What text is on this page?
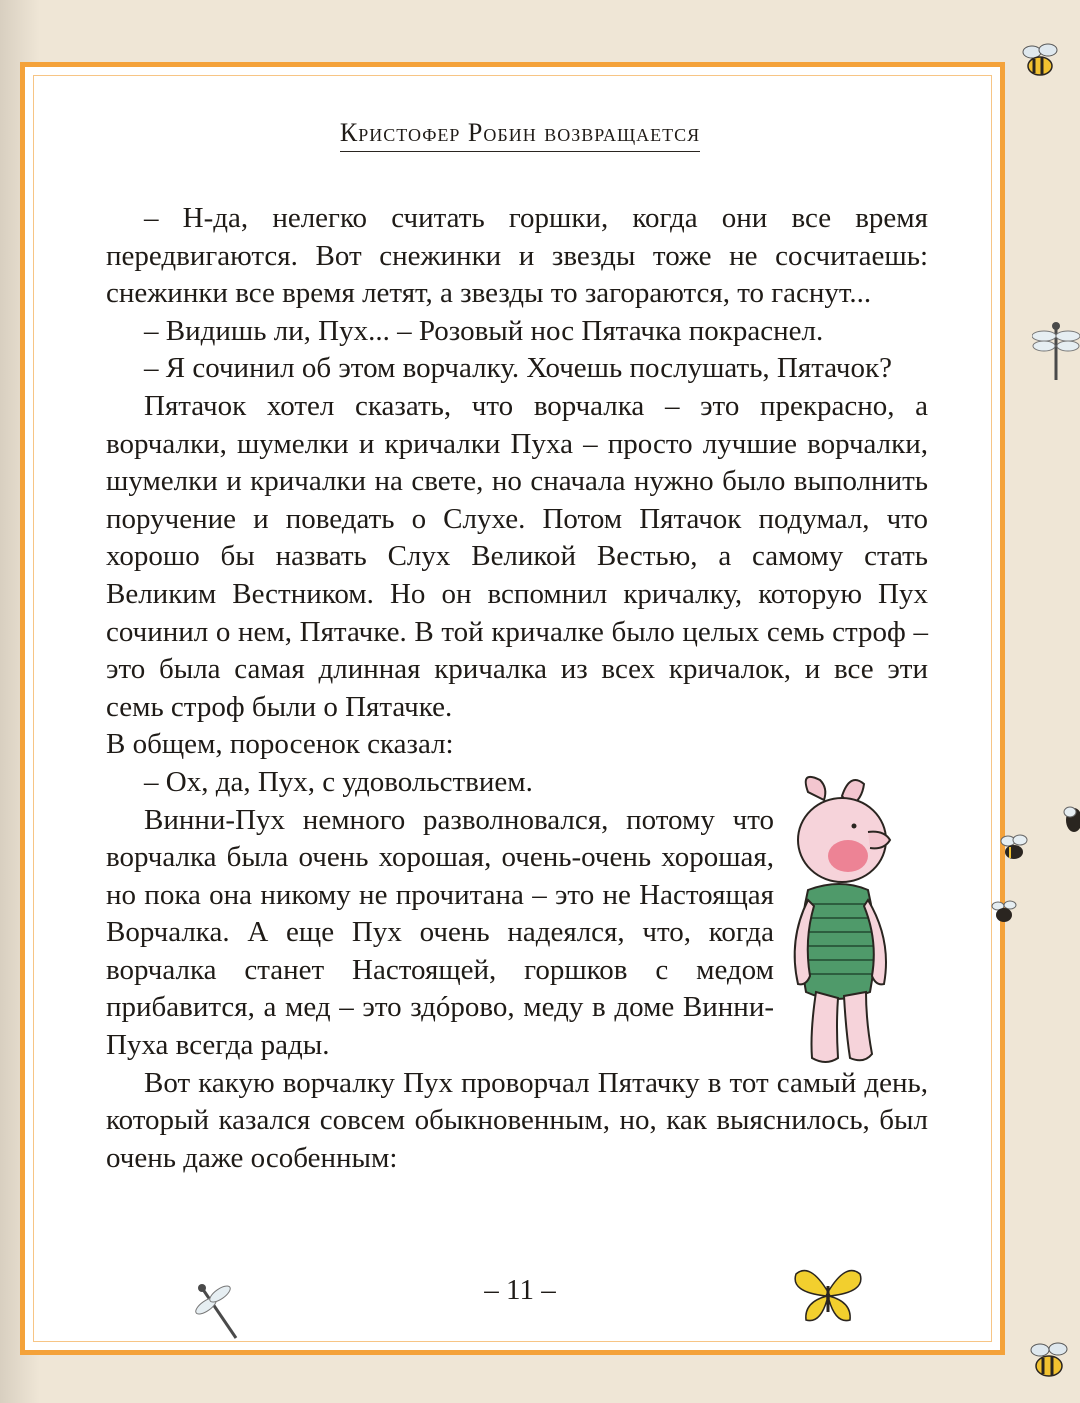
Кристофер Робин возвращается

– Н-да, нелегко считать горшки, когда они все время передвигаются. Вот снежинки и звезды тоже не сосчитаешь: снежинки все время летят, а звезды то загораются, то гаснут...

– Видишь ли, Пух... – Розовый нос Пятачка покраснел.

– Я сочинил об этом ворчалку. Хочешь послушать, Пятачок?

Пятачок хотел сказать, что ворчалка – это прекрасно, а ворчалки, шумелки и кричалки Пуха – просто лучшие ворчалки, шумелки и кричалки на свете, но сначала нужно было выполнить поручение и поведать о Слухе. Потом Пятачок подумал, что хорошо бы назвать Слух Великой Вестью, а самому стать Великим Вестником. Но он вспомнил кричалку, которую Пух сочинил о нем, Пятачке. В той кричалке было целых семь строф – это была самая длинная кричалка из всех кричалок, и все эти семь строф были о Пятачке.

В общем, поросенок сказал:

– Ох, да, Пух, с удовольствием.

Винни-Пух немного разволновался, потому что ворчалка была очень хорошая, очень-очень хорошая, но пока она никому не прочитана – это не Настоящая Ворчалка. А еще Пух очень надеялся, что, когда ворчалка станет Настоящей, горшков с медом прибавится, а мед – это здóрово, меду в доме Винни-Пуха всегда рады.

Вот какую ворчалку Пух проворчал Пятачку в тот самый день, который казался совсем обыкновенным, но, как выяснилось, был очень даже особенным:

– 11 –
